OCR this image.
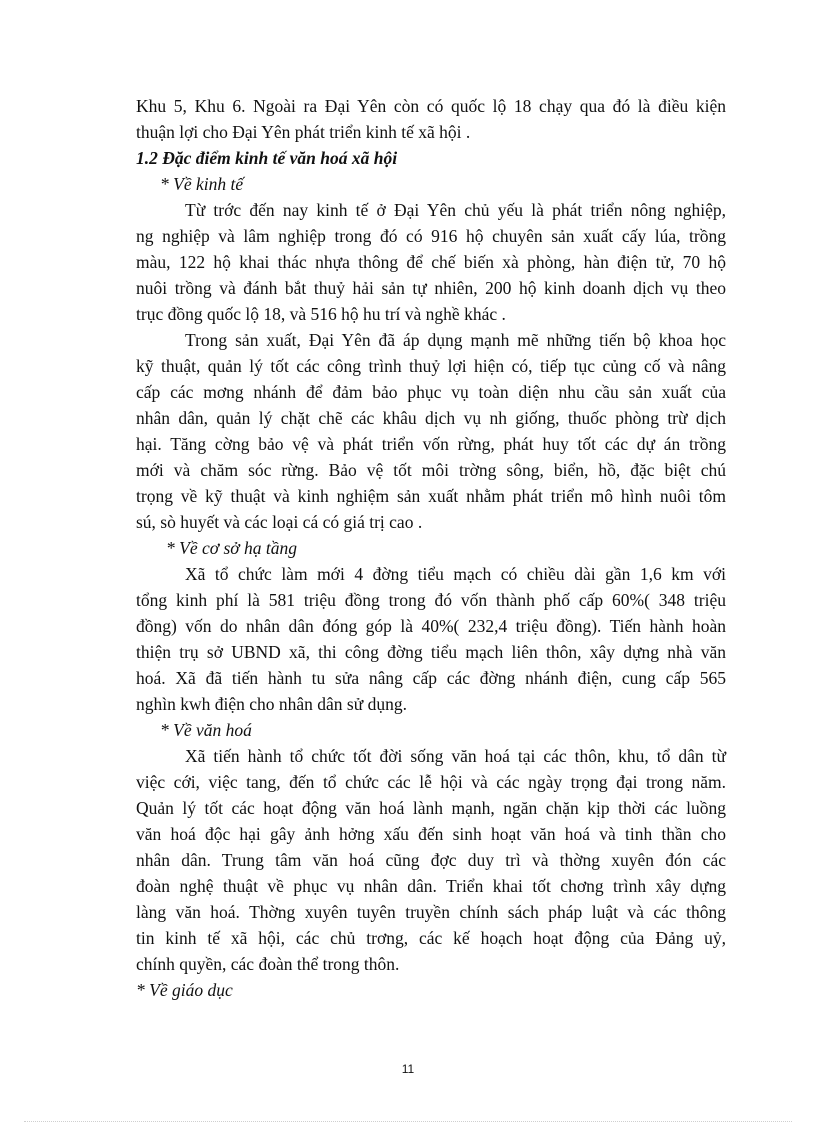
Khu 5, Khu 6. Ngoài ra Đại Yên còn có quốc lộ 18 chạy qua đó là điều kiện

thuận lợi cho Đại Yên phát triển kinh tế xã hội .

1.2 Đặc điểm kinh tế văn hoá xã hội

* Về kinh tế

Từ trớc đến nay kinh tế ở Đại Yên chủ yếu là phát triển nông nghiệp,

ng nghiệp và lâm nghiệp trong đó có 916 hộ chuyên sản xuất cấy lúa, trồng

màu, 122 hộ khai thác nhựa thông để chế biến xà phòng, hàn điện tử, 70 hộ

nuôi trồng và đánh bắt thuỷ hải sản tự nhiên, 200 hộ kinh doanh dịch vụ theo

trục đồng quốc lộ 18, và 516 hộ hu trí và nghề khác .

Trong sản xuất, Đại Yên đã áp dụng mạnh mẽ những tiến bộ khoa học

kỹ thuật, quản lý tốt các công trình thuỷ lợi hiện có, tiếp tục củng cố và nâng

cấp các mơng nhánh để đảm bảo phục vụ toàn diện nhu cầu sản xuất của

nhân dân, quản lý chặt chẽ các khâu dịch vụ nh giống, thuốc phòng trừ dịch

hại. Tăng cờng bảo vệ và phát triển vốn rừng, phát huy tốt các dự án trồng

mới và chăm sóc rừng. Bảo vệ tốt môi trờng sông, biển, hồ, đặc biệt chú

trọng về kỹ thuật và kinh nghiệm sản xuất nhằm phát triển mô hình nuôi tôm

sú, sò huyết và các loại cá có giá trị cao .

* Về cơ sở hạ tầng

Xã tổ chức làm mới 4 đờng tiểu mạch có chiều dài gần 1,6 km với

tổng kinh phí là 581 triệu đồng trong đó vốn thành phố cấp 60%( 348 triệu

đồng) vốn do nhân dân đóng góp là 40%( 232,4 triệu đồng). Tiến hành hoàn

thiện trụ sở UBND xã, thi công đờng tiểu mạch liên thôn, xây dựng nhà văn

hoá. Xã đã tiến hành tu sửa nâng cấp các đờng nhánh điện, cung cấp 565

nghìn kwh điện cho nhân dân sử dụng.

* Về văn hoá

Xã tiến hành tổ chức tốt đời sống văn hoá tại các thôn, khu, tổ dân từ

việc cới, việc tang, đến tổ chức các lễ hội và các ngày trọng đại trong năm.

Quản lý tốt các hoạt động văn hoá lành mạnh, ngăn chặn kịp thời các luồng

văn hoá độc hại gây ảnh hởng xấu đến sinh hoạt văn hoá và tinh thần cho

nhân dân. Trung tâm văn hoá cũng đợc duy trì và thờng xuyên đón các

đoàn nghệ thuật về phục vụ nhân dân. Triển khai tốt chơng trình xây dựng

làng văn hoá. Thờng xuyên tuyên truyền chính sách pháp luật và các thông

tin kinh tế xã hội, các chủ trơng, các kế hoạch hoạt động của Đảng uỷ,

chính quyền, các đoàn thể trong thôn.

* Về giáo dục

11
